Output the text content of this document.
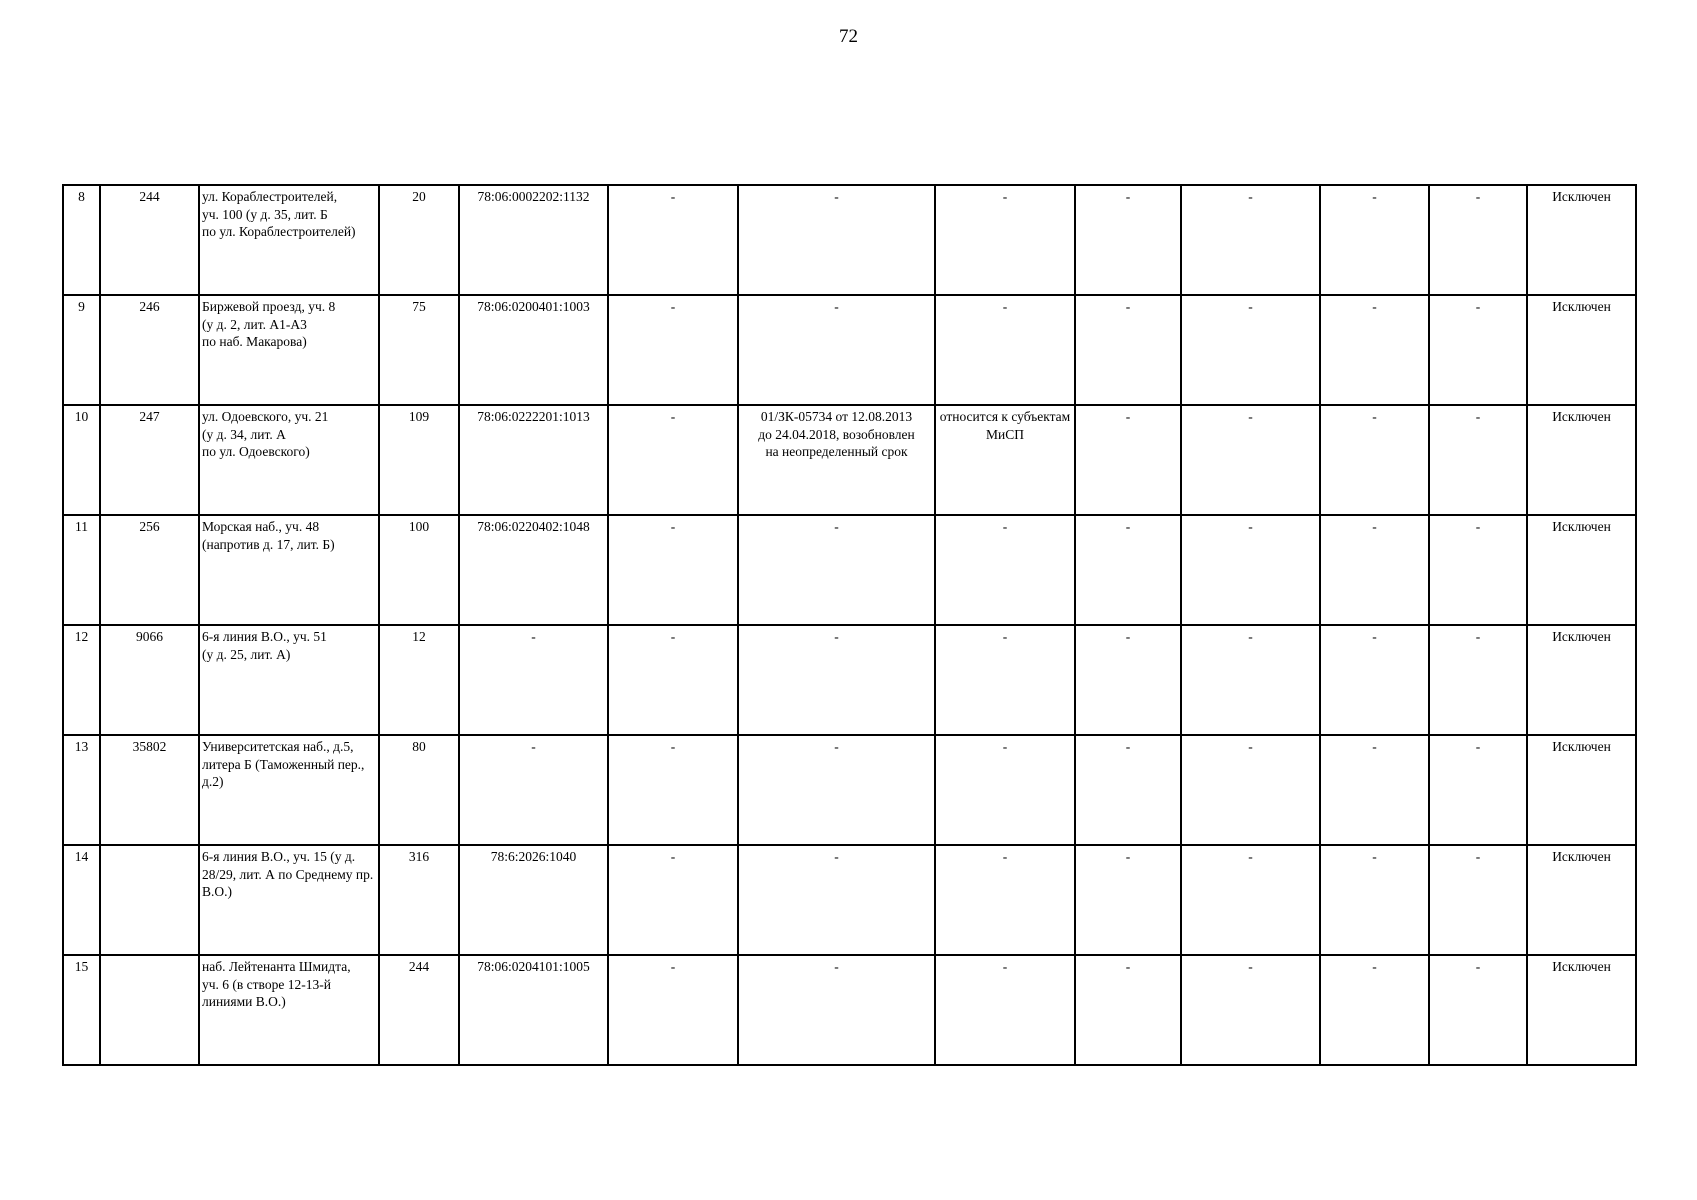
72
8	244	ул. Кораблестроителей,
уч. 100 (у д. 35, лит. Б
по ул. Кораблестроителей)	20	78:06:0002202:1132	-	-	-	-	-	-	-	Исключен
9	246	Биржевой проезд, уч. 8
(у д. 2, лит. А1-А3
по наб. Макарова)	75	78:06:0200401:1003	-	-	-	-	-	-	-	Исключен
10	247	ул. Одоевского, уч. 21
(у д. 34, лит. А
по ул. Одоевского)	109	78:06:0222201:1013	-	01/ЗК-05734 от 12.08.2013
до 24.04.2018, возобновлен
на неопределенный срок	относится к субъектам
МиСП	-	-	-	-	Исключен
11	256	Морская наб., уч. 48
(напротив д. 17, лит. Б)	100	78:06:0220402:1048	-	-	-	-	-	-	-	Исключен
12	9066	6-я линия В.О., уч. 51
(у д. 25, лит. А)	12	-	-	-	-	-	-	-	-	Исключен
13	35802	Университетская наб., д.5,
литера Б (Таможенный пер.,
д.2)	80	-	-	-	-	-	-	-	-	Исключен
14		6-я линия В.О., уч. 15 (у д.
28/29, лит. А по Среднему пр.
В.О.)	316	78:6:2026:1040	-	-	-	-	-	-	-	Исключен
15		наб. Лейтенанта Шмидта,
уч. 6 (в створе 12-13-й
линиями В.О.)	244	78:06:0204101:1005	-	-	-	-	-	-	-	Исключен
